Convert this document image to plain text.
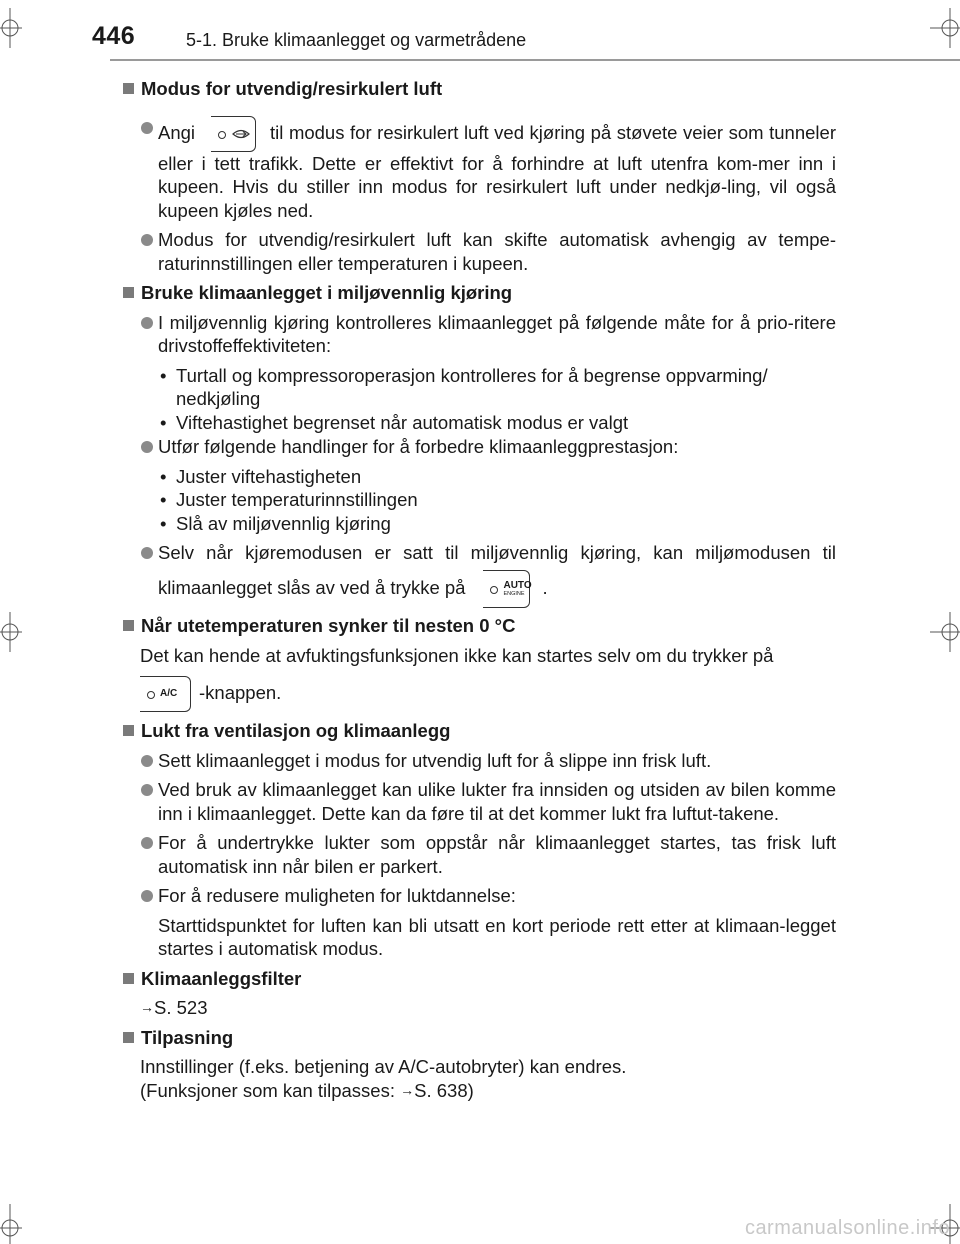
446	5-1. Bruke klimaanlegget og varmetrådene
Modus for utvendig/resirkulert luft
Angi	til modus for resirkulert luft ved kjøring på støvete veier som tunneler eller i tett trafikk. Dette er effektivt for å forhindre at luft utenfra kom-mer inn i kupeen. Hvis du stiller inn modus for resirkulert luft under nedkjø-ling, vil også kupeen kjøles ned.
Modus for utvendig/resirkulert luft kan skifte automatisk avhengig av tempe-raturinnstillingen eller temperaturen i kupeen.
Bruke klimaanlegget i miljøvennlig kjøring
I miljøvennlig kjøring kontrolleres klimaanlegget på følgende måte for å prio-ritere drivstoffeffektiviteten:
• Turtall og kompressoroperasjon kontrolleres for å begrense oppvarming/ nedkjøling
• Viftehastighet begrenset når automatisk modus er valgt
Utfør følgende handlinger for å forbedre klimaanleggprestasjon:
• Juster viftehastigheten
• Juster temperaturinnstillingen
• Slå av miljøvennlig kjøring
Selv når kjøremodusen er satt til miljøvennlig kjøring, kan miljømodusen til klimaanlegget slås av ved å trykke på	AUTO
ENGINE .
Når utetemperaturen synker til nesten 0 °C
Det kan hende at avfuktingsfunksjonen ikke kan startes selv om du trykker på
A/C -knappen.
Lukt fra ventilasjon og klimaanlegg
Sett klimaanlegget i modus for utvendig luft for å slippe inn frisk luft.
Ved bruk av klimaanlegget kan ulike lukter fra innsiden og utsiden av bilen komme inn i klimaanlegget. Dette kan da føre til at det kommer lukt fra luftut-takene.
For å undertrykke lukter som oppstår når klimaanlegget startes, tas frisk luft automatisk inn når bilen er parkert.
For å redusere muligheten for luktdannelse:
Starttidspunktet for luften kan bli utsatt en kort periode rett etter at klimaan-legget startes i automatisk modus.
Klimaanleggsfilter
→S. 523
Tilpasning
Innstillinger (f.eks. betjening av A/C-autobryter) kan endres.
(Funksjoner som kan tilpasses: →S. 638)
carmanualsonline.info
